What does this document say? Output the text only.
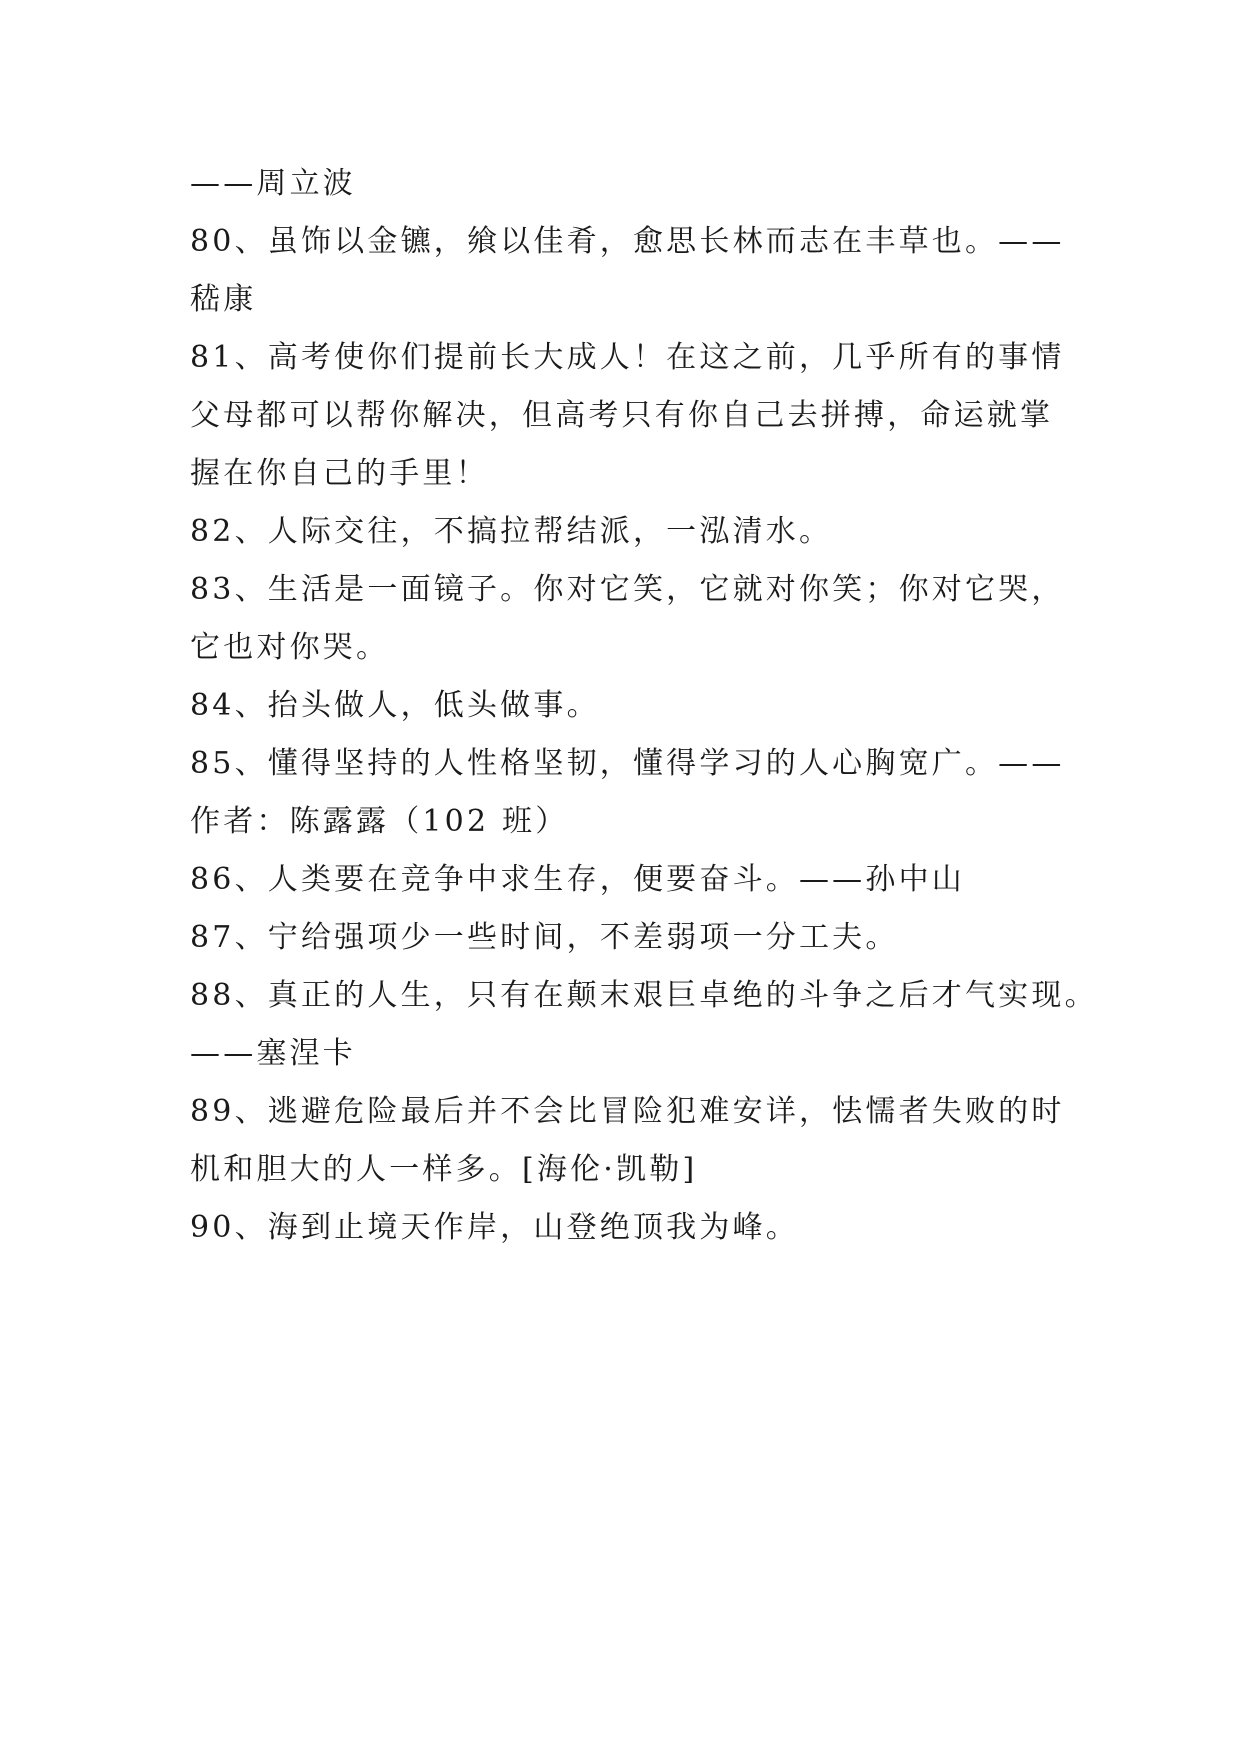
——周立波
80、虽饰以金镳，飨以佳肴，愈思长林而志在丰草也。——
嵇康
81、高考使你们提前长大成人！在这之前，几乎所有的事情
父母都可以帮你解决，但高考只有你自己去拼搏，命运就掌
握在你自己的手里！
82、人际交往，不搞拉帮结派，一泓清水。
83、生活是一面镜子。你对它笑，它就对你笑；你对它哭，
它也对你哭。
84、抬头做人，低头做事。
85、懂得坚持的人性格坚韧，懂得学习的人心胸宽广。——
作者：陈露露（102 班）
86、人类要在竞争中求生存，便要奋斗。——孙中山
87、宁给强项少一些时间，不差弱项一分工夫。
88、真正的人生，只有在颠末艰巨卓绝的斗争之后才气实现。
——塞涅卡
89、逃避危险最后并不会比冒险犯难安详，怯懦者失败的时
机和胆大的人一样多。[海伦·凯勒]
90、海到止境天作岸，山登绝顶我为峰。
